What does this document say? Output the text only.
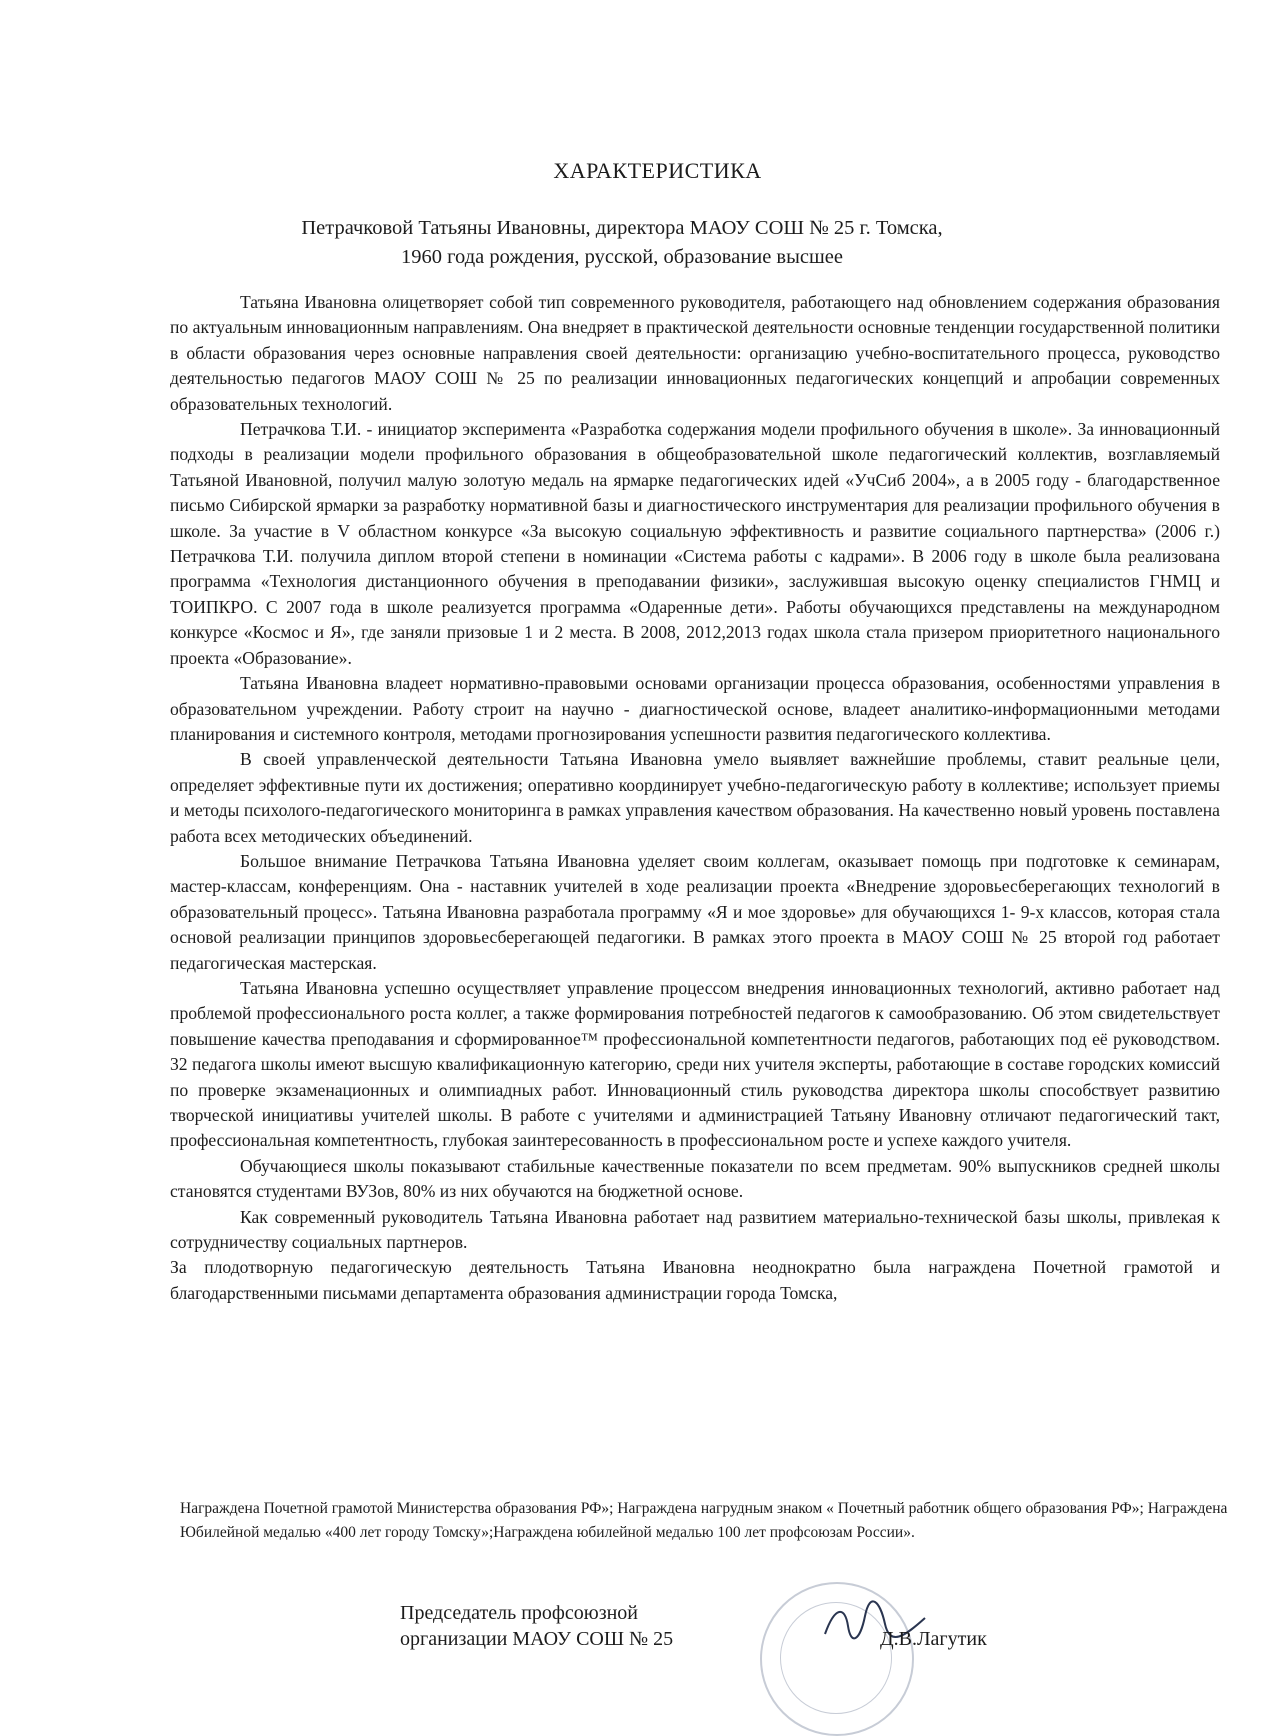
ХАРАКТЕРИСТИКА
Петрачковой Татьяны Ивановны, директора МАОУ СОШ № 25 г. Томска,
1960 года рождения, русской, образование высшее

Татьяна Ивановна олицетворяет собой тип современного руководителя, работающего над обновлением содержания образования по актуальным инновационным направлениям. Она внедряет в практической деятельности основные тенденции государственной политики в области образования через основные направления своей деятельности: организацию учебно-воспитательного процесса, руководство деятельностью педагогов МАОУ СОШ № 25 по реализации инновационных педагогических концепций и апробации современных образовательных технологий.

Петрачкова Т.И. - инициатор эксперимента «Разработка содержания модели профильного обучения в школе». За инновационный подходы в реализации модели профильного образования в общеобразовательной школе педагогический коллектив, возглавляемый Татьяной Ивановной, получил малую золотую медаль на ярмарке педагогических идей «УчСиб 2004», а в 2005 году - благодарственное письмо Сибирской ярмарки за разработку нормативной базы и диагностического инструментария для реализации профильного обучения в школе. За участие в V областном конкурсе «За высокую социальную эффективность и развитие социального партнерства» (2006 г.) Петрачкова Т.И. получила диплом второй степени в номинации «Система работы с кадрами». В 2006 году в школе была реализована программа «Технология дистанционного обучения в преподавании физики», заслужившая высокую оценку специалистов ГНМЦ и ТОИПКРО. С 2007 года в школе реализуется программа «Одаренные дети». Работы обучающихся представлены на международном конкурсе «Космос и Я», где заняли призовые 1 и 2 места. В 2008, 2012,2013 годах школа стала призером приоритетного национального проекта «Образование».

Татьяна Ивановна владеет нормативно-правовыми основами организации процесса образования, особенностями управления в образовательном учреждении. Работу строит на научно - диагностической основе, владеет аналитико-информационными методами планирования и системного контроля, методами прогнозирования успешности развития педагогического коллектива.

В своей управленческой деятельности Татьяна Ивановна умело выявляет важнейшие проблемы, ставит реальные цели, определяет эффективные пути их достижения; оперативно координирует учебно-педагогическую работу в коллективе; использует приемы и методы психолого-педагогического мониторинга в рамках управления качеством образования. На качественно новый уровень поставлена работа всех методических объединений.

Большое внимание Петрачкова Татьяна Ивановна уделяет своим коллегам, оказывает помощь при подготовке к семинарам, мастер-классам, конференциям. Она - наставник учителей в ходе реализации проекта «Внедрение здоровьесберегающих технологий в образовательный процесс». Татьяна Ивановна разработала программу «Я и мое здоровье» для обучающихся 1- 9-х классов, которая стала основой реализации принципов здоровьесберегающей педагогики. В рамках этого проекта в МАОУ СОШ № 25 второй год работает педагогическая мастерская.

Татьяна Ивановна успешно осуществляет управление процессом внедрения инновационных технологий, активно работает над проблемой профессионального роста коллег, а также формирования потребностей педагогов к самообразованию. Об этом свидетельствует повышение качества преподавания и сформированное™ профессиональной компетентности педагогов, работающих под её руководством. 32 педагога школы имеют высшую квалификационную категорию, среди них учителя эксперты, работающие в составе городских комиссий по проверке экзаменационных и олимпиадных работ. Инновационный стиль руководства директора школы способствует развитию творческой инициативы учителей школы. В работе с учителями и администрацией Татьяну Ивановну отличают педагогический такт, профессиональная компетентность, глубокая заинтересованность в профессиональном росте и успехе каждого учителя.

Обучающиеся школы показывают стабильные качественные показатели по всем предметам. 90% выпускников средней школы становятся студентами ВУЗов, 80% из них обучаются на бюджетной основе.

Как современный руководитель Татьяна Ивановна работает над развитием материально-технической базы школы, привлекая к сотрудничеству социальных партнеров.

За плодотворную педагогическую деятельность Татьяна Ивановна неоднократно была награждена Почетной грамотой и благодарственными письмами департамента образования администрации города Томска,

Награждена Почетной грамотой Министерства образования РФ»; Награждена нагрудным знаком « Почетный работник общего образования РФ»; Награждена Юбилейной медалью «400 лет городу Томску»;Награждена юбилейной медалью 100 лет профсоюзам России».
Председатель профсоюзной
организации МАОУ СОШ № 25	Д.В.Лагутик
